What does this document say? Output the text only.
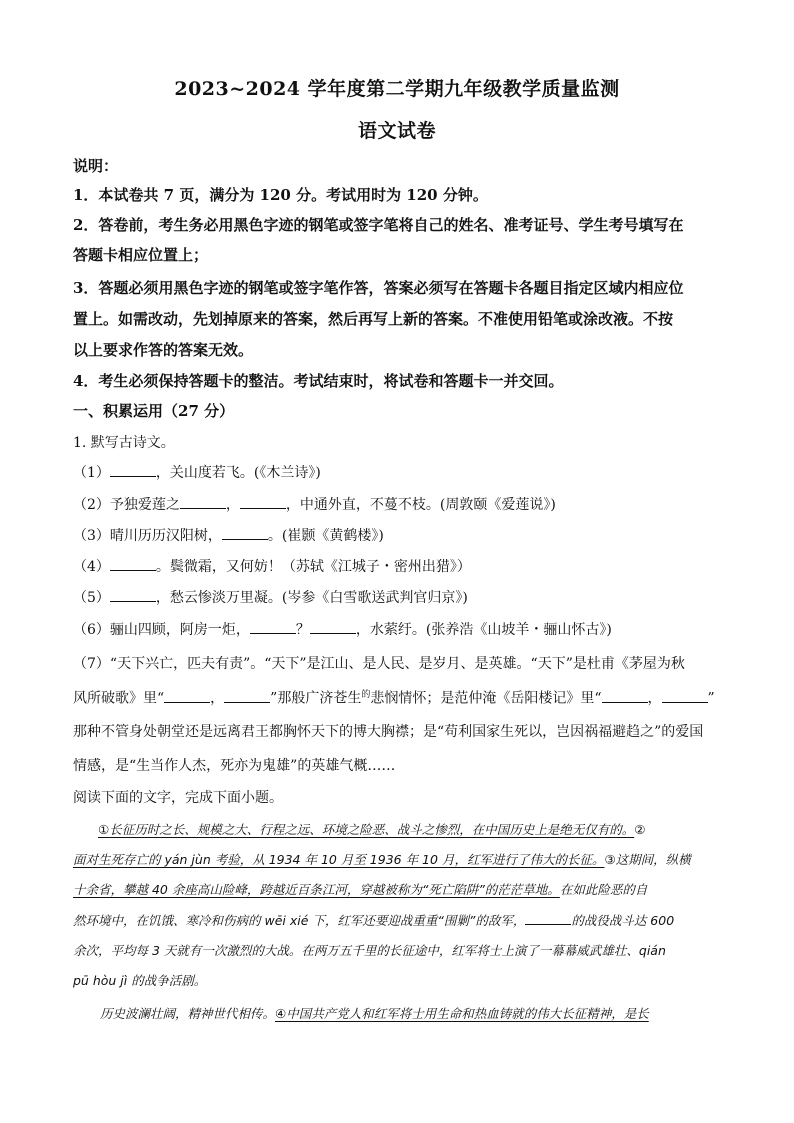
2023~2024 学年度第二学期九年级教学质量监测
语文试卷
说明：
1．本试卷共 7 页，满分为 120 分。考试用时为 120 分钟。
2．答卷前，考生务必用黑色字迹的钢笔或签字笔将自己的姓名、准考证号、学生考号填写在
答题卡相应位置上；
3．答题必须用黑色字迹的钢笔或签字笔作答，答案必须写在答题卡各题目指定区域内相应位
置上。如需改动，先划掉原来的答案，然后再写上新的答案。不准使用铅笔或涂改液。不按
以上要求作答的答案无效。
4．考生必须保持答题卡的整洁。考试结束时，将试卷和答题卡一并交回。
一、积累运用（27 分）
1. 默写古诗文。
（1）	，关山度若飞。(《木兰诗》)
（2）予独爱莲之	，	，中通外直，不蔓不枝。(周敦颐《爱莲说》)
（3）晴川历历汉阳树，	。(崔颢《黄鹤楼》)
（4）	。鬓微霜，又何妨！（苏轼《江城子・密州出猎》）
（5）	，愁云惨淡万里凝。(岑参《白雪歌送武判官归京》)
（6）骊山四顾，阿房一炬，	？	，水萦纡。(张养浩《山坡羊・骊山怀古》)
（7）“天下兴亡，匹夫有责”。“天下”是江山、是人民、是岁月、是英雄。“天下”是杜甫《茅屋为秋
风所破歌》里“	，	”那般广济苍生$^的$悲悯情怀；是范仲淹《岳阳楼记》里“	，	”
那种不管身处朝堂还是远离君王都胸怀天下的博大胸襟；是“苟利国家生死以，岂因祸福避趋之”的爱国
情感，是“生当作人杰，死亦为鬼雄”的英雄气概……
阅读下面的文字，完成下面小题。
①长征历时之长、规模之大、行程之远、环境之险恶、战斗之惨烈，在中国历史上是绝无仅有的。②
面对生死存亡的 yán jùn 考验，从 1934 年 10 月至 1936 年 10 月，红军进行了伟大的长征。③这期间，纵横
十余省，攀越 40 余座高山险峰，跨越近百条江河，穿越被称为“死亡陷阱”的茫茫草地。在如此险恶的自
然环境中，在饥饿、寒冷和伤病的 wēi xié 下，红军还要迎战重重“围剿”的敌军，	的战役战斗达 600
余次，平均每 3 天就有一次激烈的大战。在两万五千里的长征途中，红军将士上演了一幕幕威武雄壮、qián
pū hòu jì 的战争活剧。
历史波澜壮阔，精神世代相传。④中国共产党人和红军将士用生命和热血铸就的伟大长征精神，是长
